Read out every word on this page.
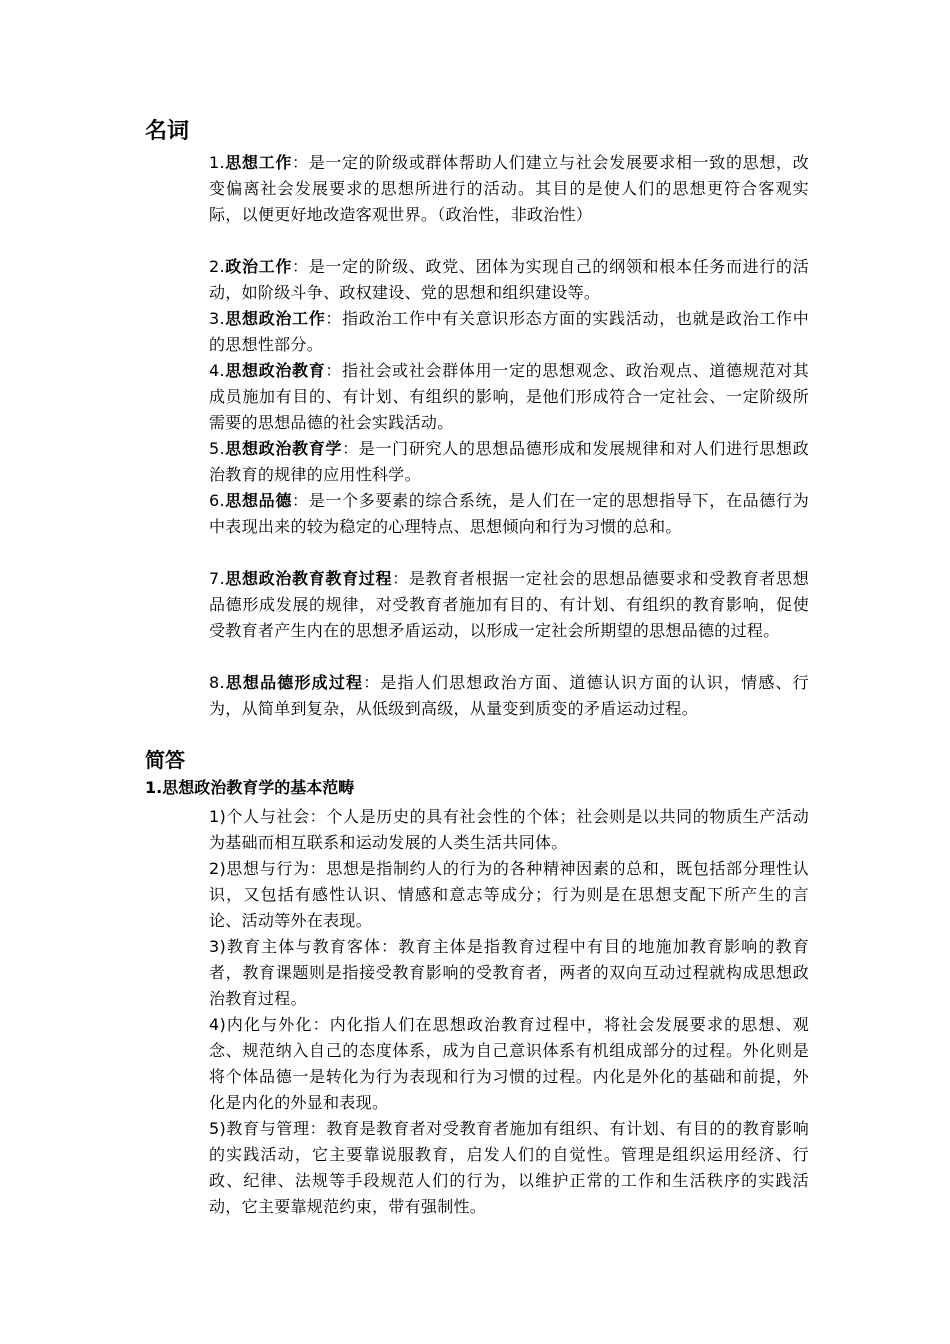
名词

1.思想工作：是一定的阶级或群体帮助人们建立与社会发展要求相一致的思想，改变偏离社会发展要求的思想所进行的活动。其目的是使人们的思想更符合客观实际，以便更好地改造客观世界。（政治性，非政治性）

2.政治工作：是一定的阶级、政党、团体为实现自己的纲领和根本任务而进行的活动，如阶级斗争、政权建设、党的思想和组织建设等。

3.思想政治工作：指政治工作中有关意识形态方面的实践活动，也就是政治工作中的思想性部分。

4.思想政治教育：指社会或社会群体用一定的思想观念、政治观点、道德规范对其成员施加有目的、有计划、有组织的影响，是他们形成符合一定社会、一定阶级所需要的思想品德的社会实践活动。

5.思想政治教育学：是一门研究人的思想品德形成和发展规律和对人们进行思想政治教育的规律的应用性科学。

6.思想品德：是一个多要素的综合系统，是人们在一定的思想指导下，在品德行为中表现出来的较为稳定的心理特点、思想倾向和行为习惯的总和。

7.思想政治教育教育过程：是教育者根据一定社会的思想品德要求和受教育者思想品德形成发展的规律，对受教育者施加有目的、有计划、有组织的教育影响，促使受教育者产生内在的思想矛盾运动，以形成一定社会所期望的思想品德的过程。

8.思想品德形成过程：是指人们思想政治方面、道德认识方面的认识，情感、行为，从简单到复杂，从低级到高级，从量变到质变的矛盾运动过程。

简答
1.思想政治教育学的基本范畴

1)个人与社会：个人是历史的具有社会性的个体；社会则是以共同的物质生产活动为基础而相互联系和运动发展的人类生活共同体。

2)思想与行为：思想是指制约人的行为的各种精神因素的总和，既包括部分理性认识，又包括有感性认识、情感和意志等成分；行为则是在思想支配下所产生的言论、活动等外在表现。

3)教育主体与教育客体：教育主体是指教育过程中有目的地施加教育影响的教育者，教育课题则是指接受教育影响的受教育者，两者的双向互动过程就构成思想政治教育过程。

4)内化与外化：内化指人们在思想政治教育过程中，将社会发展要求的思想、观念、规范纳入自己的态度体系，成为自己意识体系有机组成部分的过程。外化则是将个体品德一是转化为行为表现和行为习惯的过程。内化是外化的基础和前提，外化是内化的外显和表现。

5)教育与管理：教育是教育者对受教育者施加有组织、有计划、有目的的教育影响的实践活动，它主要靠说服教育，启发人们的自觉性。管理是组织运用经济、行政、纪律、法规等手段规范人们的行为，以维护正常的工作和生活秩序的实践活动，它主要靠规范约束，带有强制性。
